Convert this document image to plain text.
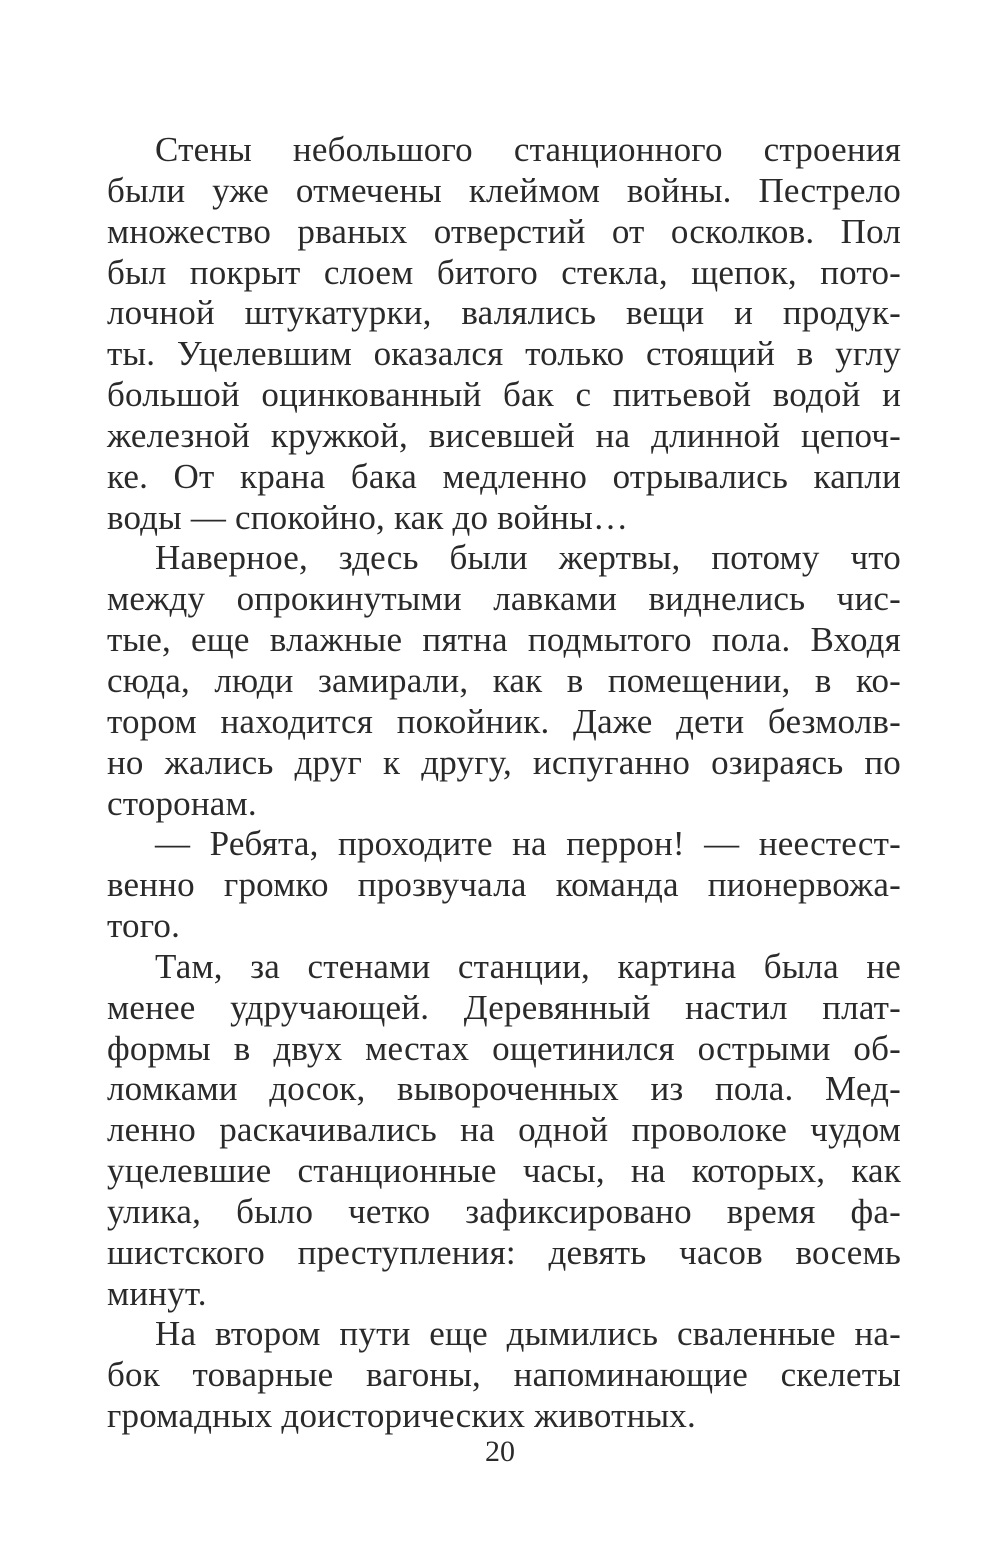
Стены небольшого станционного строения
были уже отмечены клеймом войны. Пестрело
множество рваных отверстий от осколков. Пол
был покрыт слоем битого стекла, щепок, пото-
лочной штукатурки, валялись вещи и продук-
ты. Уцелевшим оказался только стоящий в углу
большой оцинкованный бак с питьевой водой и
железной кружкой, висевшей на длинной цепоч-
ке. От крана бака медленно отрывались капли
воды — спокойно, как до войны…
Наверное, здесь были жертвы, потому что
между опрокинутыми лавками виднелись чис-
тые, еще влажные пятна подмытого пола. Входя
сюда, люди замирали, как в помещении, в ко-
тором находится покойник. Даже дети безмолв-
но жались друг к другу, испуганно озираясь по
сторонам.
— Ребята, проходите на перрон! — неестест-
венно громко прозвучала команда пионервожа-
того.
Там, за стенами станции, картина была не
менее удручающей. Деревянный настил плат-
формы в двух местах ощетинился острыми об-
ломками досок, вывороченных из пола. Мед-
ленно раскачивались на одной проволоке чудом
уцелевшие станционные часы, на которых, как
улика, было четко зафиксировано время фа-
шистского преступления: девять часов восемь
минут.
На втором пути еще дымились сваленные на-
бок товарные вагоны, напоминающие скелеты
громадных доисторических животных.
20
